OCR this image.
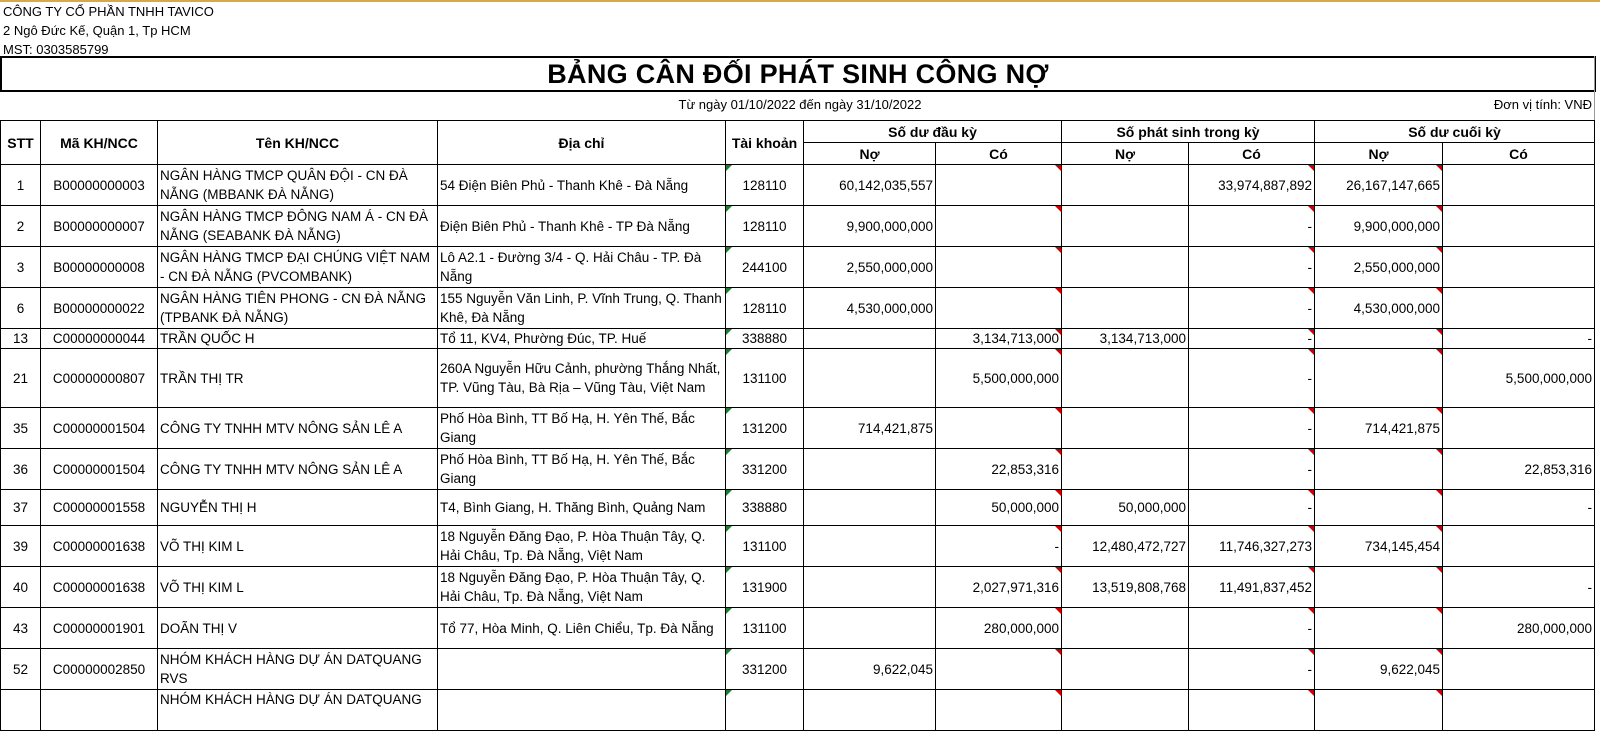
CÔNG TY CỔ PHẦN TNHH TAVICO
2 Ngô Đức Kế, Quận 1, Tp HCM
MST: 0303585799
BẢNG CÂN ĐỐI PHÁT SINH CÔNG NỢ
Từ ngày 01/10/2022 đến ngày 31/10/2022	Đơn vị tính: VNĐ
STT	Mã KH/NCC	Tên KH/NCC	Địa chỉ	Tài khoản	Số dư đầu kỳ		Số phát sinh trong kỳ		Số dư cuối kỳ	
					Nợ	Có	Nợ	Có	Nợ	Có
1	B00000000003	NGÂN HÀNG TMCP QUÂN ĐỘI - CN ĐÀ NẴNG (MBBANK ĐÀ NẴNG)	54 Điện Biên Phủ - Thanh Khê - Đà Nẵng	128110	60,142,035,557			33,974,887,892	26,167,147,665	
2	B00000000007	NGÂN HÀNG TMCP ĐÔNG NAM Á - CN ĐÀ NẴNG (SEABANK ĐÀ NẴNG)	Điện Biên Phủ - Thanh Khê - TP Đà Nẵng	128110	9,900,000,000			-	9,900,000,000	
3	B00000000008	NGÂN HÀNG TMCP ĐẠI CHÚNG VIỆT NAM - CN ĐÀ NẴNG (PVCOMBANK)	Lô A2.1 - Đường 3/4 - Q. Hải Châu - TP. Đà Nẵng	244100	2,550,000,000			-	2,550,000,000	
6	B00000000022	NGÂN HÀNG TIÊN PHONG - CN ĐÀ NẴNG (TPBANK ĐÀ NẴNG)	155 Nguyễn Văn Linh, P. Vĩnh Trung, Q. Thanh Khê, Đà Nẵng	128110	4,530,000,000			-	4,530,000,000	
13	C00000000044	TRẦN QUỐC H	Tổ 11, KV4, Phường Đúc, TP. Huế	338880		3,134,713,000	3,134,713,000	-		-
21	C00000000807	TRẦN THỊ TR	260A Nguyễn Hữu Cảnh, phường Thắng Nhất, TP. Vũng Tàu, Bà Rịa – Vũng Tàu, Việt Nam	131100		5,500,000,000		-		5,500,000,000
35	C00000001504	CÔNG TY TNHH MTV NÔNG SẢN LÊ A	Phố Hòa Bình, TT Bố Hạ, H. Yên Thế, Bắc Giang	131200	714,421,875			-	714,421,875	
36	C00000001504	CÔNG TY TNHH MTV NÔNG SẢN LÊ A	Phố Hòa Bình, TT Bố Hạ, H. Yên Thế, Bắc Giang	331200		22,853,316		-		22,853,316
37	C00000001558	NGUYỄN THỊ H	T4, Bình Giang, H. Thăng Bình, Quảng Nam	338880		50,000,000	50,000,000	-		-
39	C00000001638	VÕ THỊ KIM L	18 Nguyễn Đăng Đạo, P. Hòa Thuận Tây, Q. Hải Châu, Tp. Đà Nẵng, Việt Nam	131100		-	12,480,472,727	11,746,327,273	734,145,454	
40	C00000001638	VÕ THỊ KIM L	18 Nguyễn Đăng Đạo, P. Hòa Thuận Tây, Q. Hải Châu, Tp. Đà Nẵng, Việt Nam	131900		2,027,971,316	13,519,808,768	11,491,837,452		-
43	C00000001901	DOÃN THỊ V	Tổ 77, Hòa Minh, Q. Liên Chiểu, Tp. Đà Nẵng	131100		280,000,000		-		280,000,000
52	C00000002850	NHÓM KHÁCH HÀNG DỰ ÁN DATQUANG RVS		331200	9,622,045			-	9,622,045	
		NHÓM KHÁCH HÀNG DỰ ÁN DATQUANG								
